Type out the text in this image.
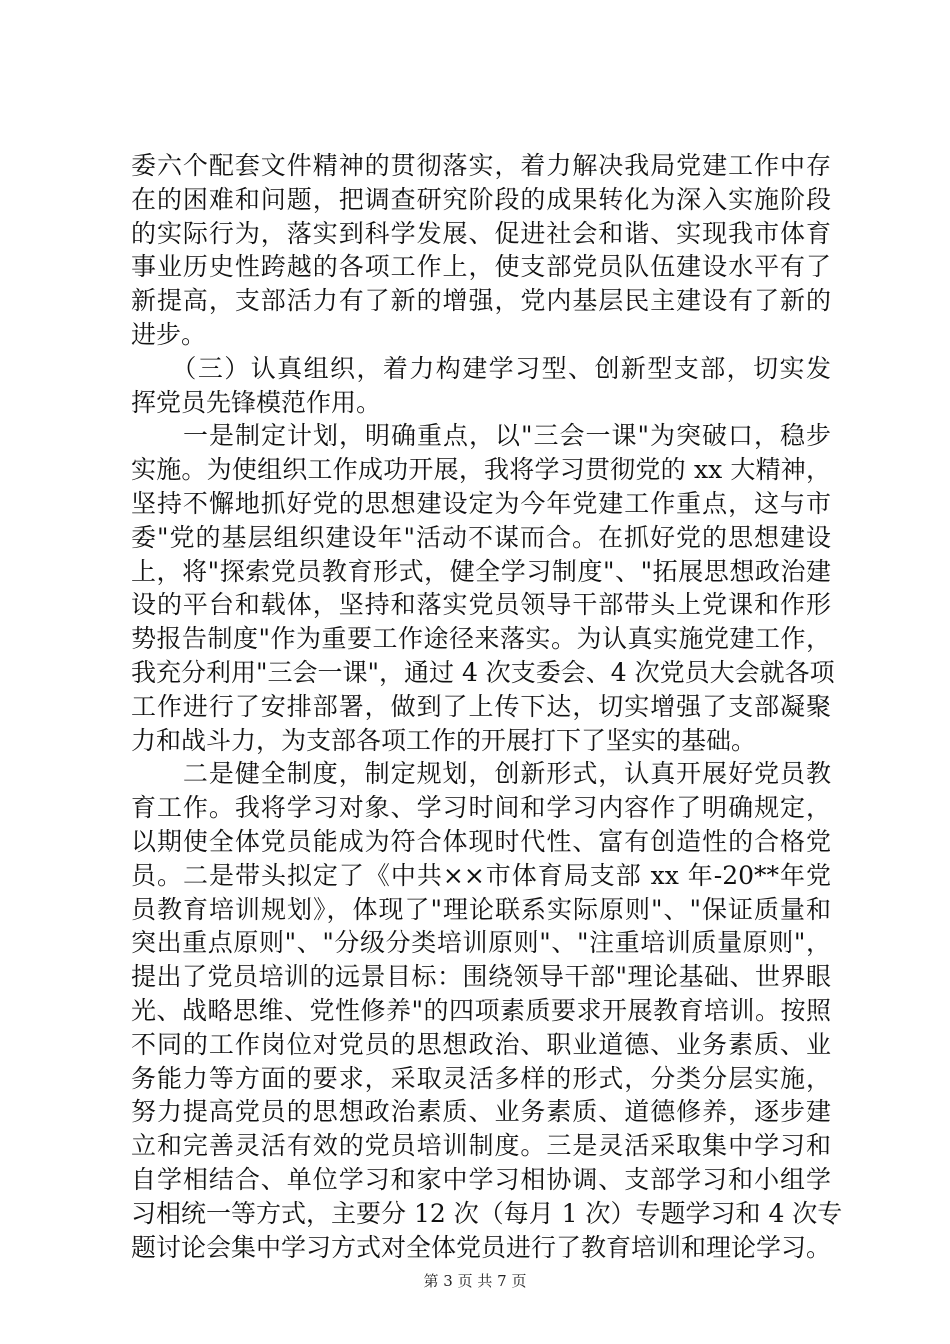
委六个配套文件精神的贯彻落实，着力解决我局党建工作中存
在的困难和问题，把调查研究阶段的成果转化为深入实施阶段
的实际行为，落实到科学发展、促进社会和谐、实现我市体育
事业历史性跨越的各项工作上，使支部党员队伍建设水平有了
新提高，支部活力有了新的增强，党内基层民主建设有了新的
进步。
　　（三）认真组织，着力构建学习型、创新型支部，切实发
挥党员先锋模范作用。
　　一是制定计划，明确重点，以"三会一课"为突破口，稳步
实施。为使组织工作成功开展，我将学习贯彻党的 xx 大精神，
坚持不懈地抓好党的思想建设定为今年党建工作重点，这与市
委"党的基层组织建设年"活动不谋而合。在抓好党的思想建设
上，将"探索党员教育形式，健全学习制度"、"拓展思想政治建
设的平台和载体，坚持和落实党员领导干部带头上党课和作形
势报告制度"作为重要工作途径来落实。为认真实施党建工作，
我充分利用"三会一课"，通过 4 次支委会、4 次党员大会就各项
工作进行了安排部署，做到了上传下达，切实增强了支部凝聚
力和战斗力，为支部各项工作的开展打下了坚实的基础。
　　二是健全制度，制定规划，创新形式，认真开展好党员教
育工作。我将学习对象、学习时间和学习内容作了明确规定，
以期使全体党员能成为符合体现时代性、富有创造性的合格党
员。二是带头拟定了《中共××市体育局支部 xx 年-20**年党
员教育培训规划》，体现了"理论联系实际原则"、"保证质量和
突出重点原则"、"分级分类培训原则"、"注重培训质量原则"，
提出了党员培训的远景目标：围绕领导干部"理论基础、世界眼
光、战略思维、党性修养"的四项素质要求开展教育培训。按照
不同的工作岗位对党员的思想政治、职业道德、业务素质、业
务能力等方面的要求，采取灵活多样的形式，分类分层实施，
努力提高党员的思想政治素质、业务素质、道德修养，逐步建
立和完善灵活有效的党员培训制度。三是灵活采取集中学习和
自学相结合、单位学习和家中学习相协调、支部学习和小组学
习相统一等方式，主要分 12 次（每月 1 次）专题学习和 4 次专
题讨论会集中学习方式对全体党员进行了教育培训和理论学习。
第 3 页 共 7 页
